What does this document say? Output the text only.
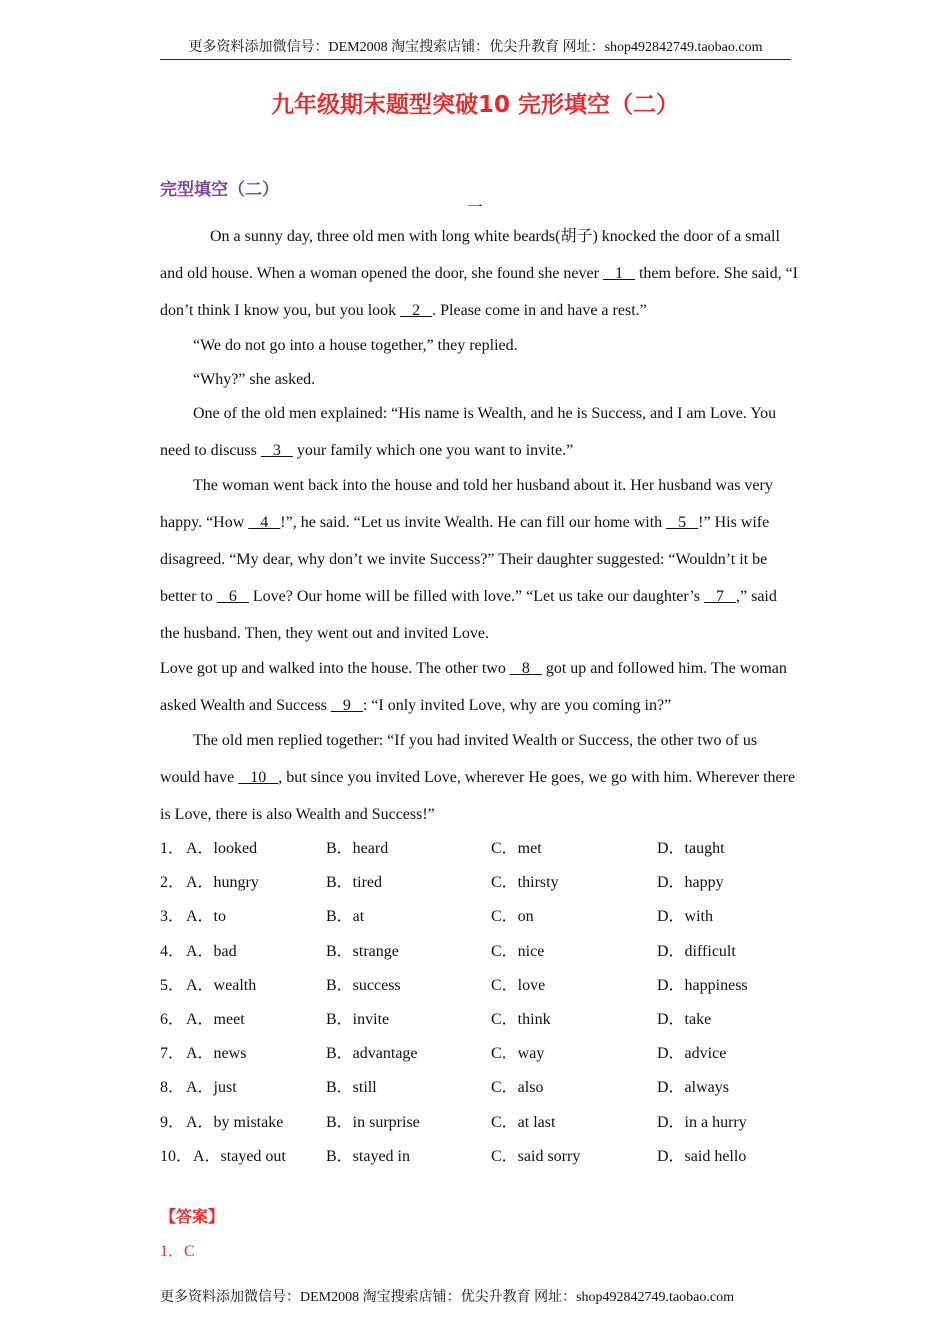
更多资料添加微信号：DEM2008 淘宝搜索店铺：优尖升教育 网址：shop492842749.taobao.com
九年级期末题型突破10 完形填空（二）
完型填空（二）
一

On a sunny day, three old men with long white beards(胡子) knocked the door of a small and old house. When a woman opened the door, she found she never    1    them before. She said, “I don’t think I know you, but you look    2   . Please come in and have a rest.”

“We do not go into a house together,” they replied.

“Why?” she asked.

One of the old men explained: “His name is Wealth, and he is Success, and I am Love. You need to discuss    3    your family which one you want to invite.”

The woman went back into the house and told her husband about it. Her husband was very happy. “How    4   !”, he said. “Let us invite Wealth. He can fill our home with    5   !” His wife disagreed. “My dear, why don’t we invite Success?” Their daughter suggested: “Wouldn’t it be better to    6    Love? Our home will be filled with love.” “Let us take our daughter’s    7   ,” said the husband. Then, they went out and invited Love.

Love got up and walked into the house. The other two    8    got up and followed him. The woman asked Wealth and Success    9   : “I only invited Love, why are you coming in?”

The old men replied together: “If you had invited Wealth or Success, the other two of us would have    10   , but since you invited Love, wherever He goes, we go with him. Wherever there is Love, there is also Wealth and Success!”

1． A．looked	B．heard	C．met	D．taught
2． A．hungry	B．tired	C．thirsty	D．happy
3． A．to	B．at	C．on	D．with
4． A．bad	B．strange	C．nice	D．difficult
5． A．wealth	B．success	C．love	D．happiness
6． A．meet	B．invite	C．think	D．take
7． A．news	B．advantage	C．way	D．advice
8． A．just	B．still	C．also	D．always
9． A．by mistake	B．in surprise	C．at last	D．in a hurry
10． A．stayed out	B．stayed in	C．said sorry	D．said hello
【答案】
1．C
更多资料添加微信号：DEM2008 淘宝搜索店铺：优尖升教育 网址：shop492842749.taobao.com
